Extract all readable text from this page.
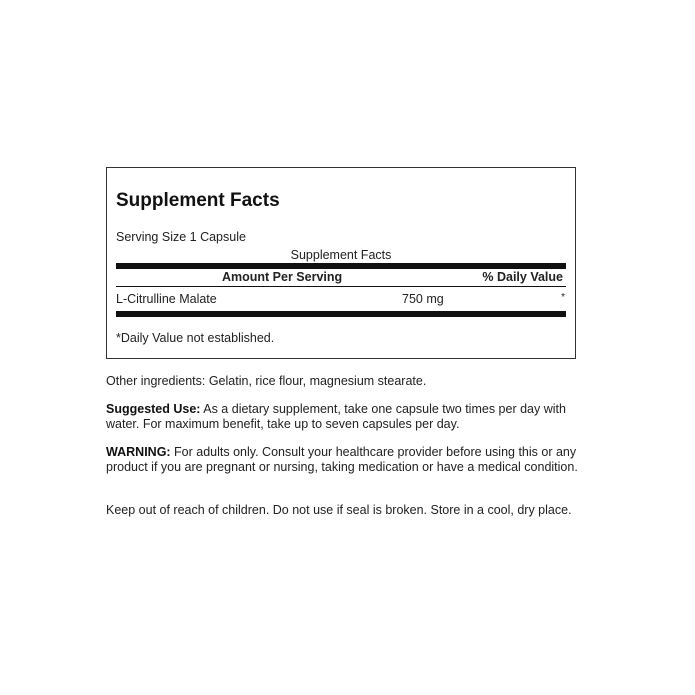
Supplement Facts
Serving Size 1 Capsule
Supplement Facts
Amount Per Serving	% Daily Value
L-Citrulline Malate	750 mg	*
*Daily Value not established.
Other ingredients: Gelatin, rice flour, magnesium stearate.
Suggested Use: As a dietary supplement, take one capsule two times per day with water. For maximum benefit, take up to seven capsules per day.
WARNING: For adults only. Consult your healthcare provider before using this or any product if you are pregnant or nursing, taking medication or have a medical condition.
Keep out of reach of children. Do not use if seal is broken. Store in a cool, dry place.
